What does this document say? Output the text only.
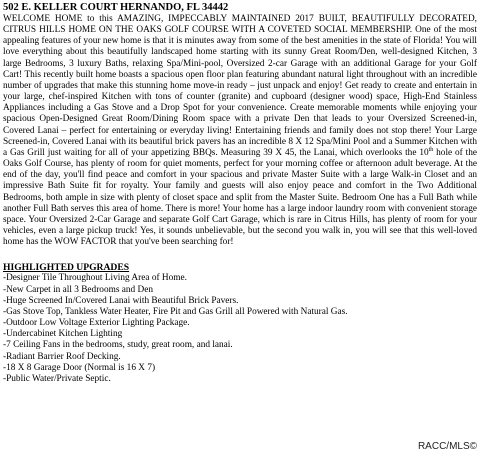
502 E. KELLER COURT HERNANDO, FL 34442

WELCOME HOME to this AMAZING, IMPECCABLY MAINTAINED 2017 BUILT, BEAUTIFULLY DECORATED, CITRUS HILLS HOME ON THE OAKS GOLF COURSE WITH A COVETED SOCIAL MEMBERSHIP. One of the most appealing features of your new home is that it is minutes away from some of the best amenities in the state of Florida! You will love everything about this beautifully landscaped home starting with its sunny Great Room/Den, well-designed Kitchen, 3 large Bedrooms, 3 luxury Baths, relaxing Spa/Mini-pool, Oversized 2-car Garage with an additional Garage for your Golf Cart! This recently built home boasts a spacious open floor plan featuring abundant natural light throughout with an incredible number of upgrades that make this stunning home move-in ready – just unpack and enjoy! Get ready to create and entertain in your large, chef-inspired Kitchen with tons of counter (granite) and cupboard (designer wood) space, High-End Stainless Appliances including a Gas Stove and a Drop Spot for your convenience. Create memorable moments while enjoying your spacious Open-Designed Great Room/Dining Room space with a private Den that leads to your Oversized Screened-in, Covered Lanai – perfect for entertaining or everyday living! Entertaining friends and family does not stop there! Your Large Screened-in, Covered Lanai with its beautiful brick pavers has an incredible 8 X 12 Spa/Mini Pool and a Summer Kitchen with a Gas Grill just waiting for all of your appetizing BBQs. Measuring 39 X 45, the Lanai, which overlooks the 10th hole of the Oaks Golf Course, has plenty of room for quiet moments, perfect for your morning coffee or afternoon adult beverage. At the end of the day, you'll find peace and comfort in your spacious and private Master Suite with a large Walk-in Closet and an impressive Bath Suite fit for royalty. Your family and guests will also enjoy peace and comfort in the Two Additional Bedrooms, both ample in size with plenty of closet space and split from the Master Suite. Bedroom One has a Full Bath while another Full Bath serves this area of home. There is more! Your home has a large indoor laundry room with convenient storage space. Your Oversized 2-Car Garage and separate Golf Cart Garage, which is rare in Citrus Hills, has plenty of room for your vehicles, even a large pickup truck! Yes, it sounds unbelievable, but the second you walk in, you will see that this well-loved home has the WOW FACTOR that you've been searching for!

HIGHLIGHTED UPGRADES
-Designer Tile Throughout Living Area of Home.
-New Carpet in all 3 Bedrooms and Den
-Huge Screened In/Covered Lanai with Beautiful Brick Pavers.
-Gas Stove Top, Tankless Water Heater, Fire Pit and Gas Grill all Powered with Natural Gas.
-Outdoor Low Voltage Exterior Lighting Package.
-Undercabinet Kitchen Lighting
-7 Ceiling Fans in the bedrooms, study, great room, and lanai.
-Radiant Barrier Roof Decking.
-18 X 8 Garage Door (Normal is 16 X 7)
-Public Water/Private Septic.
RACC/MLS©
